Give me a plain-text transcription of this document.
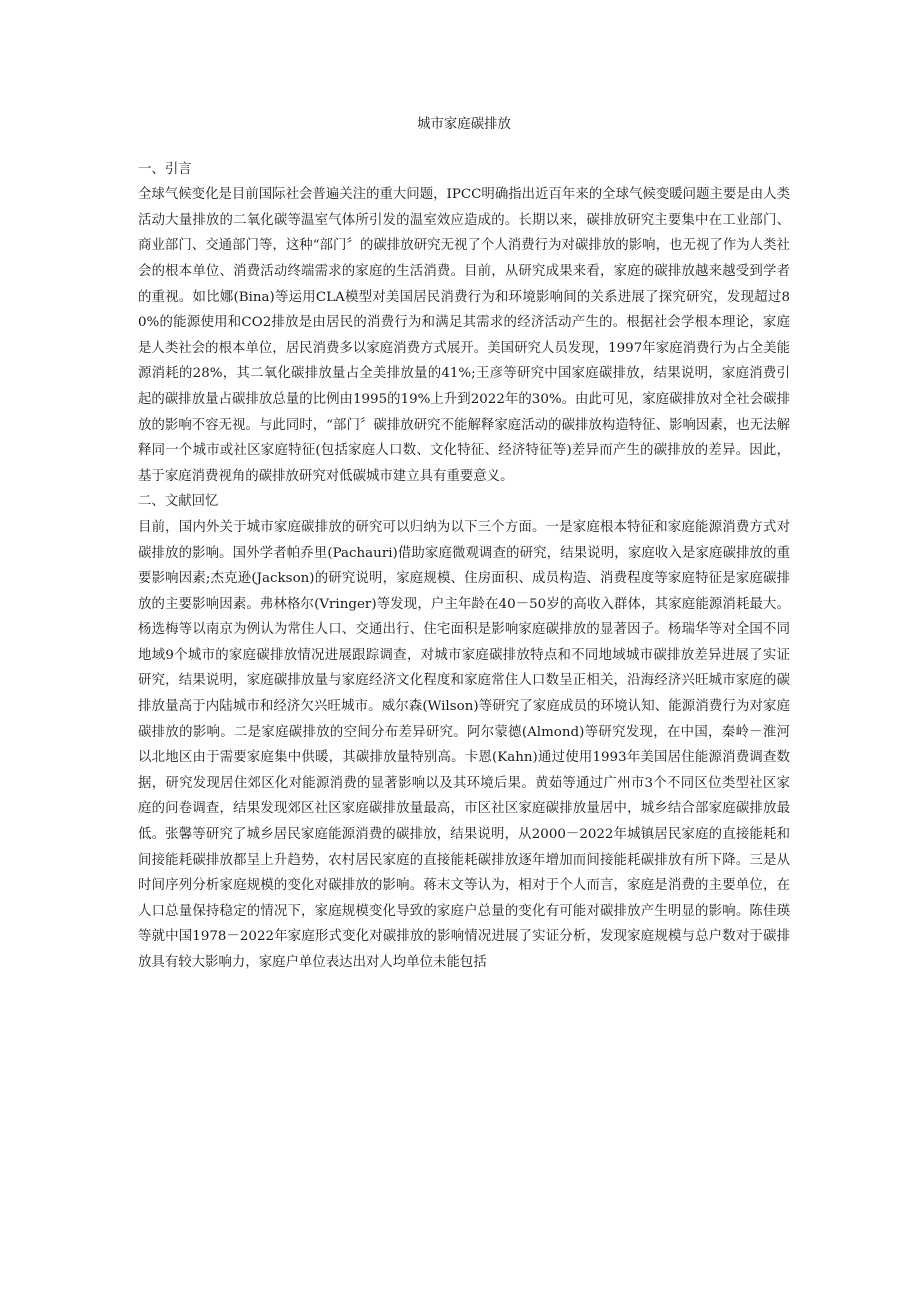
城市家庭碳排放
一、引言

全球气候变化是目前国际社会普遍关注的重大问题，IPCC明确指出近百年来的全球气候变暖问题主要是由人类活动大量排放的二氧化碳等温室气体所引发的温室效应造成的。长期以来，碳排放研究主要集中在工业部门、商业部门、交通部门等，这种“部门〞的碳排放研究无视了个人消费行为对碳排放的影响，也无视了作为人类社会的根本单位、消费活动终端需求的家庭的生活消费。目前，从研究成果来看，家庭的碳排放越来越受到学者的重视。如比娜(Bina)等运用CLA模型对美国居民消费行为和环境影响间的关系进展了探究研究，发现超过80%的能源使用和CO2排放是由居民的消费行为和满足其需求的经济活动产生的。根据社会学根本理论，家庭是人类社会的根本单位，居民消费多以家庭消费方式展开。美国研究人员发现，1997年家庭消费行为占全美能源消耗的28%，其二氧化碳排放量占全美排放量的41%;王彦等研究中国家庭碳排放，结果说明，家庭消费引起的碳排放量占碳排放总量的比例由1995的19%上升到2022年的30%。由此可见，家庭碳排放对全社会碳排放的影响不容无视。与此同时，“部门〞碳排放研究不能解释家庭活动的碳排放构造特征、影响因素，也无法解释同一个城市或社区家庭特征(包括家庭人口数、文化特征、经济特征等)差异而产生的碳排放的差异。因此，基于家庭消费视角的碳排放研究对低碳城市建立具有重要意义。

二、文献回忆

目前，国内外关于城市家庭碳排放的研究可以归纳为以下三个方面。一是家庭根本特征和家庭能源消费方式对碳排放的影响。国外学者帕乔里(Pachauri)借助家庭微观调查的研究，结果说明，家庭收入是家庭碳排放的重要影响因素;杰克逊(Jackson)的研究说明，家庭规模、住房面积、成员构造、消费程度等家庭特征是家庭碳排放的主要影响因素。弗林格尔(Vringer)等发现，户主年龄在40－50岁的高收入群体，其家庭能源消耗最大。杨选梅等以南京为例认为常住人口、交通出行、住宅面积是影响家庭碳排放的显著因子。杨瑞华等对全国不同地域9个城市的家庭碳排放情况进展跟踪调查，对城市家庭碳排放特点和不同地域城市碳排放差异进展了实证研究，结果说明，家庭碳排放量与家庭经济文化程度和家庭常住人口数呈正相关，沿海经济兴旺城市家庭的碳排放量高于内陆城市和经济欠兴旺城市。威尔森(Wilson)等研究了家庭成员的环境认知、能源消费行为对家庭碳排放的影响。二是家庭碳排放的空间分布差异研究。阿尔蒙德(Almond)等研究发现，在中国，秦岭－淮河以北地区由于需要家庭集中供暖，其碳排放量特别高。卡恩(Kahn)通过使用1993年美国居住能源消费调查数据，研究发现居住郊区化对能源消费的显著影响以及其环境后果。黄茹等通过广州市3个不同区位类型社区家庭的问卷调查，结果发现郊区社区家庭碳排放量最高，市区社区家庭碳排放量居中，城乡结合部家庭碳排放最低。张馨等研究了城乡居民家庭能源消费的碳排放，结果说明，从2000－2022年城镇居民家庭的直接能耗和间接能耗碳排放都呈上升趋势，农村居民家庭的直接能耗碳排放逐年增加而间接能耗碳排放有所下降。三是从时间序列分析家庭规模的变化对碳排放的影响。蒋末文等认为，相对于个人而言，家庭是消费的主要单位，在人口总量保持稳定的情况下，家庭规模变化导致的家庭户总量的变化有可能对碳排放产生明显的影响。陈佳瑛等就中国1978－2022年家庭形式变化对碳排放的影响情况进展了实证分析，发现家庭规模与总户数对于碳排放具有较大影响力，家庭户单位表达出对人均单位未能包括
